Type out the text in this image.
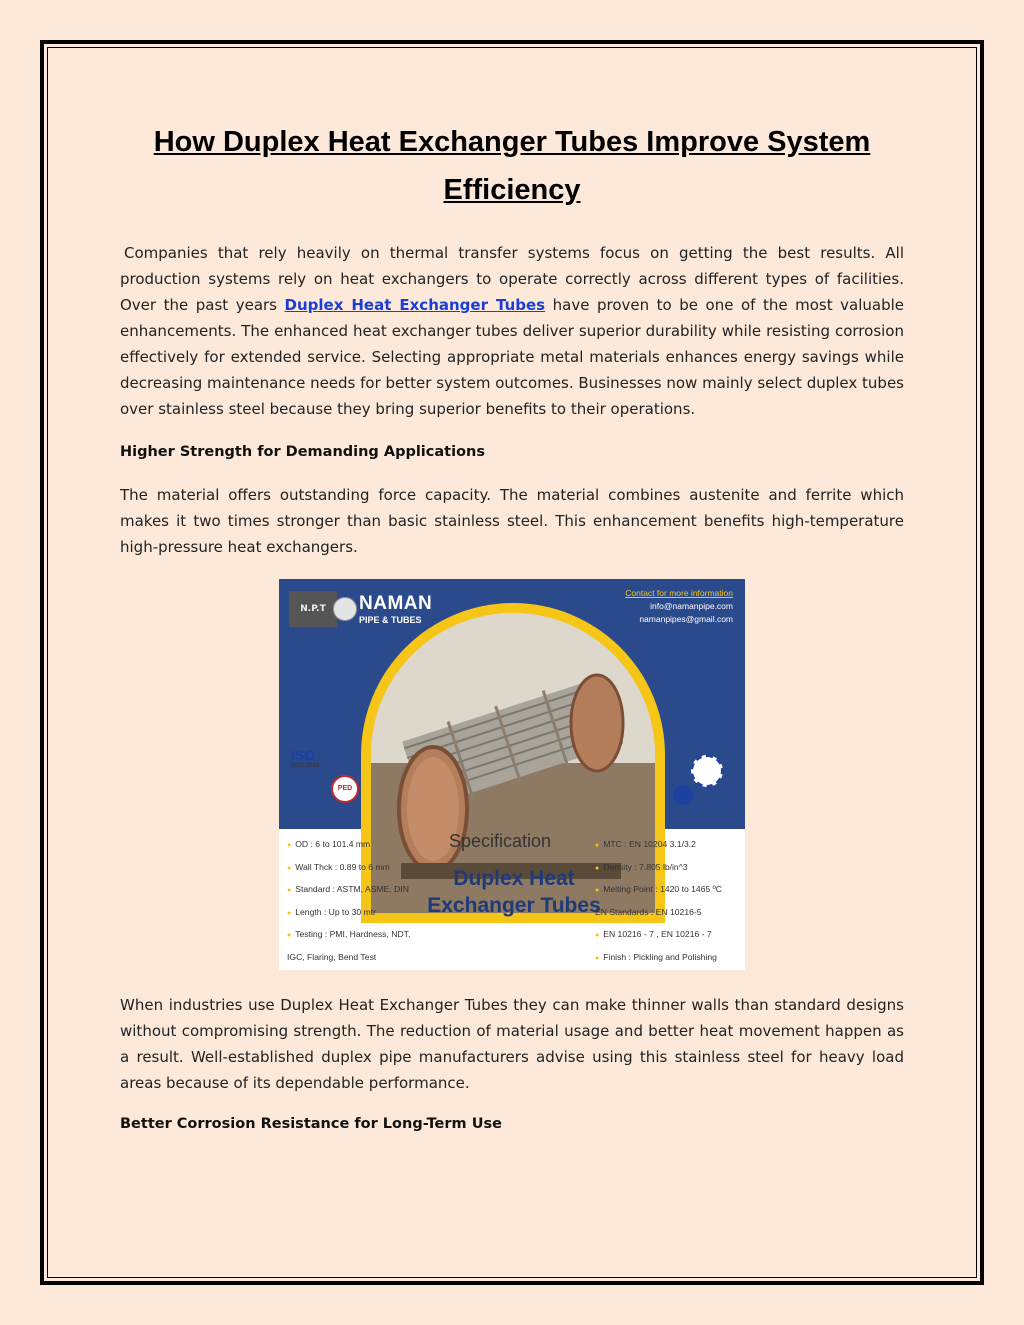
How Duplex Heat Exchanger Tubes Improve System Efficiency

Companies that rely heavily on thermal transfer systems focus on getting the best results. All production systems rely on heat exchangers to operate correctly across different types of facilities. Over the past years Duplex Heat Exchanger Tubes have proven to be one of the most valuable enhancements. The enhanced heat exchanger tubes deliver superior durability while resisting corrosion effectively for extended service. Selecting appropriate metal materials enhances energy savings while decreasing maintenance needs for better system outcomes. Businesses now mainly select duplex tubes over stainless steel because they bring superior benefits to their operations.

Higher Strength for Demanding Applications

The material offers outstanding force capacity. The material combines austenite and ferrite which makes it two times stronger than basic stainless steel. This enhancement benefits high-temperature high-pressure heat exchangers.

N.P.T	NAMAN
PIPE & TUBES
Contact for more information
info@namanpipe.com
namanpipes@gmail.com
ISO
9001:2015
PED
Specification
Duplex Heat
Exchanger Tubes
● OD : 6 to 101.4 mm
● Wall Thck : 0.89 to 6 mm
● Standard : ASTM, ASME, DIN
● Length : Up to 30 mtr
● Testing : PMI, Hardness, NDT,
IGC, Flaring, Bend Test
● MTC : EN 10204 3.1/3.2
● Density : 7.805 lb/in^3
● Melting Point : 1420 to 1465 ºC
EN Standards : EN 10216-5
● EN 10216 - 7 , EN 10216 - 7
● Finish : Pickling and Polishing

When industries use Duplex Heat Exchanger Tubes they can make thinner walls than standard designs without compromising strength. The reduction of material usage and better heat movement happen as a result. Well-established duplex pipe manufacturers advise using this stainless steel for heavy load areas because of its dependable performance.

Better Corrosion Resistance for Long-Term Use
